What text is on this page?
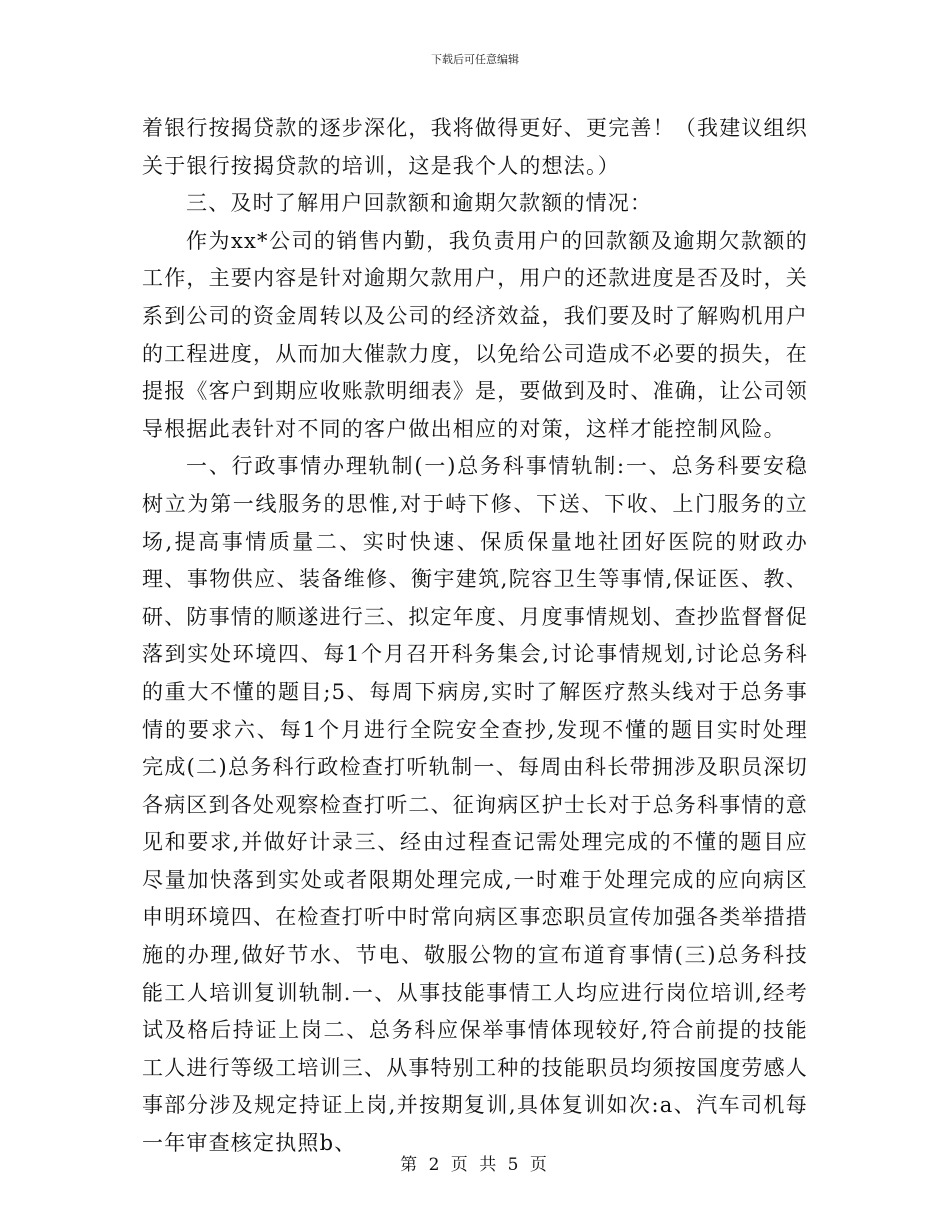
下载后可任意编辑

着银行按揭贷款的逐步深化，我将做得更好、更完善！（我建议组织关于银行按揭贷款的培训，这是我个人的想法。）

三、及时了解用户回款额和逾期欠款额的情况：

作为xx*公司的销售内勤，我负责用户的回款额及逾期欠款额的工作，主要内容是针对逾期欠款用户，用户的还款进度是否及时，关系到公司的资金周转以及公司的经济效益，我们要及时了解购机用户的工程进度，从而加大催款力度，以免给公司造成不必要的损失，在提报《客户到期应收账款明细表》是，要做到及时、准确，让公司领导根据此表针对不同的客户做出相应的对策，这样才能控制风险。

一、行政事情办理轨制(一)总务科事情轨制:一、总务科要安稳树立为第一线服务的思惟,对于峙下修、下送、下收、上门服务的立场,提高事情质量二、实时快速、保质保量地社团好医院的财政办理、事物供应、装备维修、衡宇建筑,院容卫生等事情,保证医、教、研、防事情的顺遂进行三、拟定年度、月度事情规划、查抄监督督促落到实处环境四、每1个月召开科务集会,讨论事情规划,讨论总务科的重大不懂的题目;5、每周下病房,实时了解医疗熬头线对于总务事情的要求六、每1个月进行全院安全查抄,发现不懂的题目实时处理完成(二)总务科行政检查打听轨制一、每周由科长带拥涉及职员深切各病区到各处观察检查打听二、征询病区护士长对于总务科事情的意见和要求,并做好计录三、经由过程查记需处理完成的不懂的题目应尽量加快落到实处或者限期处理完成,一时难于处理完成的应向病区申明环境四、在检查打听中时常向病区事恋职员宣传加强各类举措措施的办理,做好节水、节电、敬服公物的宣布道育事情(三)总务科技能工人培训复训轨制.一、从事技能事情工人均应进行岗位培训,经考试及格后持证上岗二、总务科应保举事情体现较好,符合前提的技能工人进行等级工培训三、从事特别工种的技能职员均须按国度劳感人事部分涉及规定持证上岗,并按期复训,具体复训如次:a、汽车司机每一年审查核定执照b、

第 2 页 共 5 页
